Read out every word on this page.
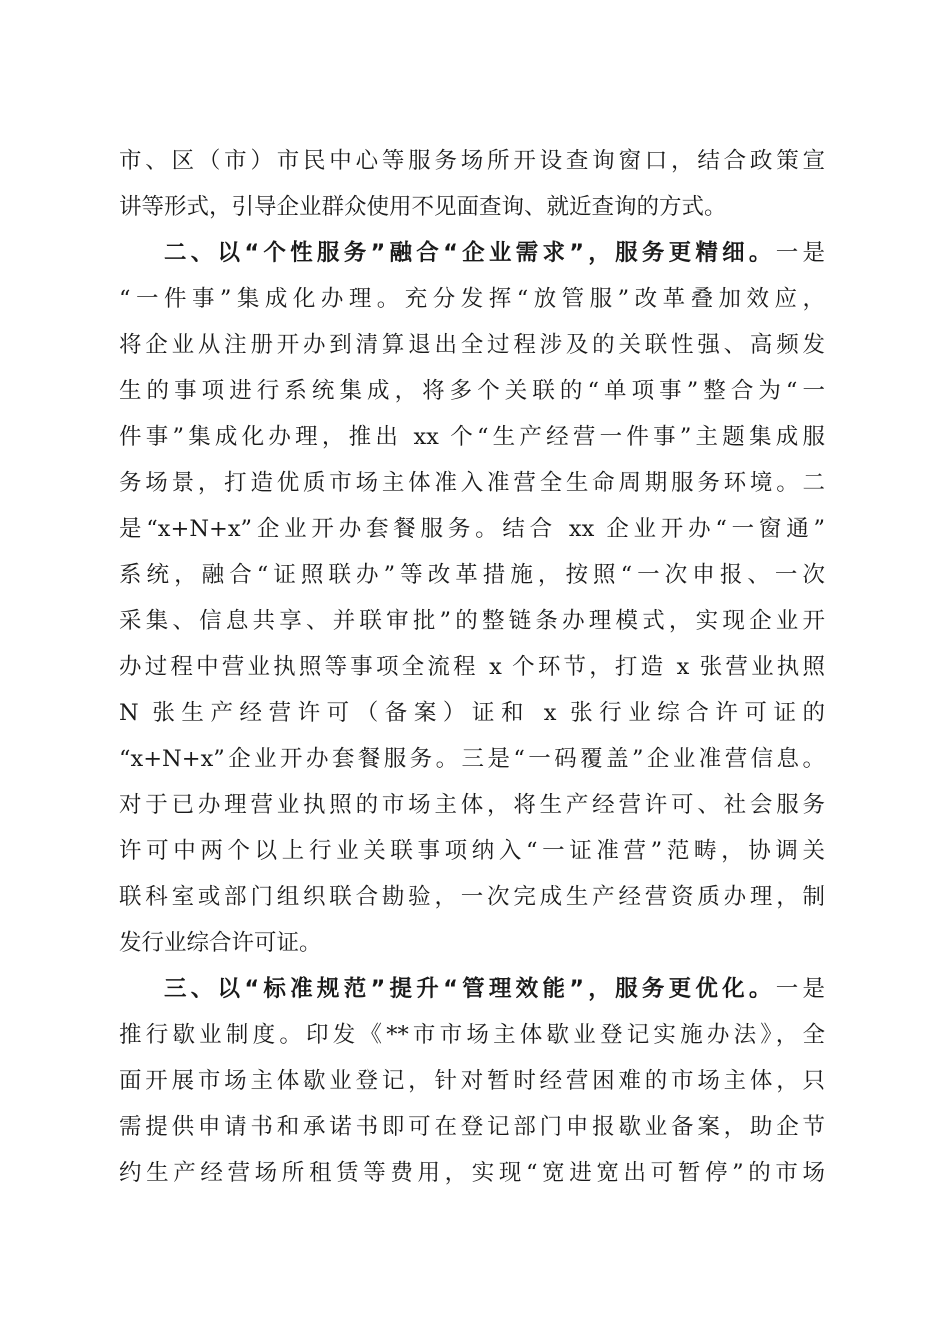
市、区（市）市民中心等服务场所开设查询窗口，结合政策宣
讲等形式，引导企业群众使用不见面查询、就近查询的方式。
二、以“个性服务”融合“企业需求”，服务更精细。一是
“一件事”集成化办理。充分发挥“放管服”改革叠加效应，
将企业从注册开办到清算退出全过程涉及的关联性强、高频发
生的事项进行系统集成，将多个关联的“单项事”整合为“一
件事”集成化办理，推出 xx 个“生产经营一件事”主题集成服
务场景，打造优质市场主体准入准营全生命周期服务环境。二
是“x+N+x”企业开办套餐服务。结合 xx 企业开办“一窗通”
系统，融合“证照联办”等改革措施，按照“一次申报、一次
采集、信息共享、并联审批”的整链条办理模式，实现企业开
办过程中营业执照等事项全流程 x 个环节，打造 x 张营业执照
N 张生产经营许可（备案）证和 x 张行业综合许可证的
“x+N+x”企业开办套餐服务。三是“一码覆盖”企业准营信息。
对于已办理营业执照的市场主体，将生产经营许可、社会服务
许可中两个以上行业关联事项纳入“一证准营”范畴，协调关
联科室或部门组织联合勘验，一次完成生产经营资质办理，制
发行业综合许可证。
三、以“标准规范”提升“管理效能”，服务更优化。一是
推行歇业制度。印发《**市市场主体歇业登记实施办法》，全
面开展市场主体歇业登记，针对暂时经营困难的市场主体，只
需提供申请书和承诺书即可在登记部门申报歇业备案，助企节
约生产经营场所租赁等费用，实现“宽进宽出可暂停”的市场
